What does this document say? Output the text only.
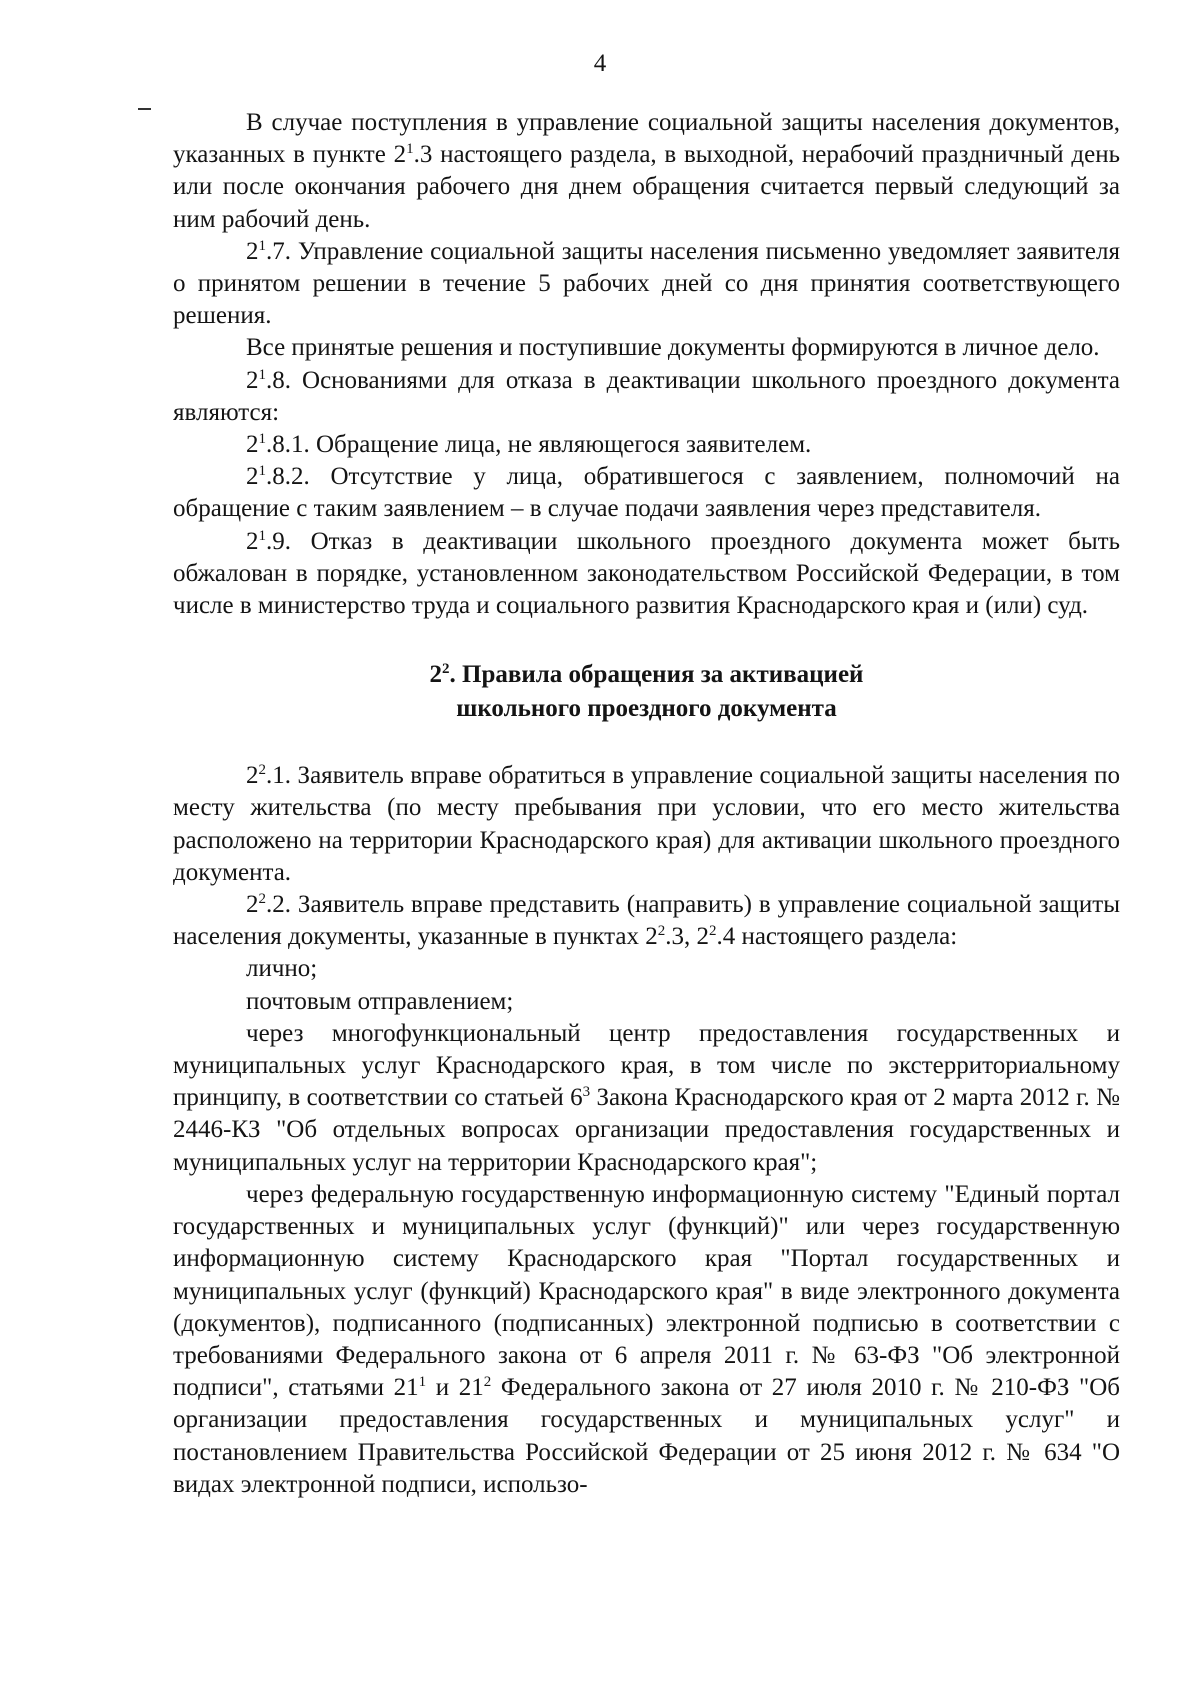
4

В случае поступления в управление социальной защиты населения документов, указанных в пункте $2^1.3$ настоящего раздела, в выходной, нерабочий праздничный день или после окончания рабочего дня днем обращения считается первый следующий за ним рабочий день.

$2^1.7$. Управление социальной защиты населения письменно уведомляет заявителя о принятом решении в течение 5 рабочих дней со дня принятия соответствующего решения.

Все принятые решения и поступившие документы формируются в личное дело.

$2^1.8$. Основаниями для отказа в деактивации школьного проездного документа являются:

$2^1.8.1$. Обращение лица, не являющегося заявителем.

$2^1.8.2$. Отсутствие у лица, обратившегося с заявлением, полномочий на обращение с таким заявлением – в случае подачи заявления через представителя.

$2^1.9$. Отказ в деактивации школьного проездного документа может быть обжалован в порядке, установленном законодательством Российской Федерации, в том числе в министерство труда и социального развития Краснодарского края и (или) суд.

$2^2$. Правила обращения за активацией
школьного проездного документа

$2^2.1$. Заявитель вправе обратиться в управление социальной защиты населения по месту жительства (по месту пребывания при условии, что его место жительства расположено на территории Краснодарского края) для активации школьного проездного документа.

$2^2.2$. Заявитель вправе представить (направить) в управление социальной защиты населения документы, указанные в пунктах $2^2.3$, $2^2.4$ настоящего раздела:

лично;

почтовым отправлением;

через многофункциональный центр предоставления государственных и муниципальных услуг Краснодарского края, в том числе по экстерриториальному принципу, в соответствии со статьей $6^3$ Закона Краснодарского края от 2 марта 2012 г. № 2446-КЗ "Об отдельных вопросах организации предоставления государственных и муниципальных услуг на территории Краснодарского края";

через федеральную государственную информационную систему "Единый портал государственных и муниципальных услуг (функций)" или через государственную информационную систему Краснодарского края "Портал государственных и муниципальных услуг (функций) Краснодарского края" в виде электронного документа (документов), подписанного (подписанных) электронной подписью в соответствии с требованиями Федерального закона от 6 апреля 2011 г. № 63-ФЗ "Об электронной подписи", статьями $21^1$ и $21^2$ Федерального закона от 27 июля 2010 г. № 210-ФЗ "Об организации предоставления государственных и муниципальных услуг" и постановлением Правительства Российской Федерации от 25 июня 2012 г. № 634 "О видах электронной подписи, использо-
